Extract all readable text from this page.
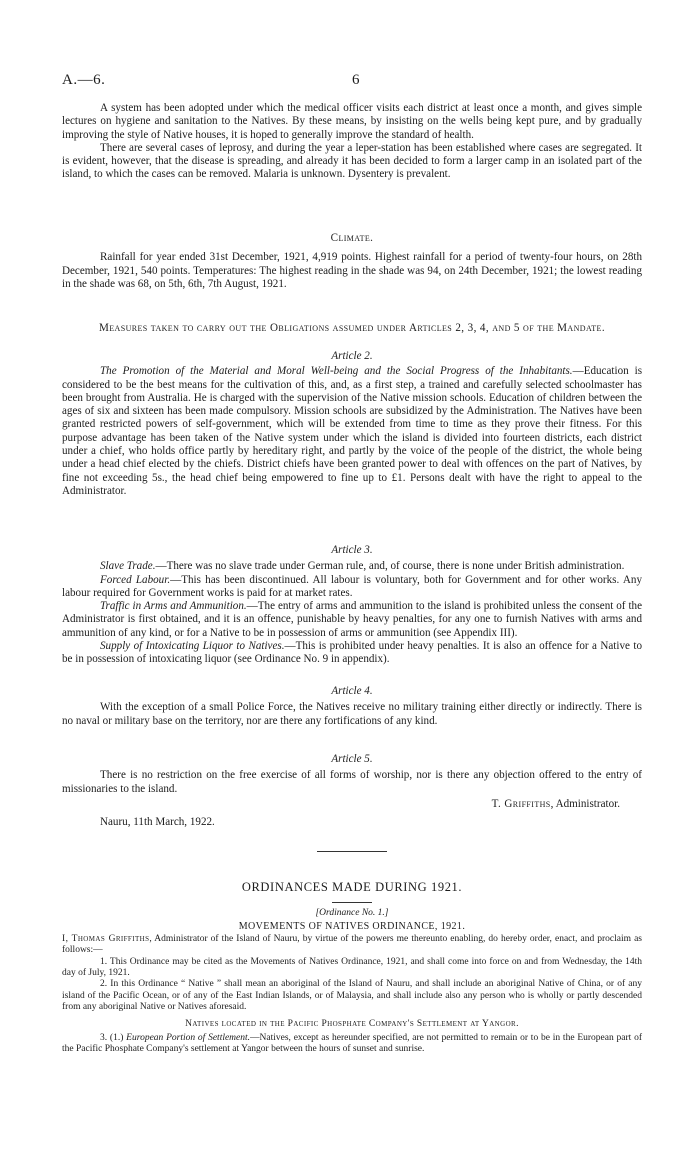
A.—6.	6

A system has been adopted under which the medical officer visits each district at least once a month, and gives simple lectures on hygiene and sanitation to the Natives. By these means, by insisting on the wells being kept pure, and by gradually improving the style of Native houses, it is hoped to generally improve the standard of health.

There are several cases of leprosy, and during the year a leper-station has been established where cases are segregated. It is evident, however, that the disease is spreading, and already it has been decided to form a larger camp in an isolated part of the island, to which the cases can be removed. Malaria is unknown. Dysentery is prevalent.

Climate.

Rainfall for year ended 31st December, 1921, 4,919 points. Highest rainfall for a period of twenty-four hours, on 28th December, 1921, 540 points. Temperatures: The highest reading in the shade was 94, on 24th December, 1921; the lowest reading in the shade was 68, on 5th, 6th, 7th August, 1921.

Measures taken to carry out the Obligations assumed under Articles 2, 3, 4, and 5 of the Mandate.

Article 2.

The Promotion of the Material and Moral Well-being and the Social Progress of the Inhabitants.—Education is considered to be the best means for the cultivation of this, and, as a first step, a trained and carefully selected schoolmaster has been brought from Australia. He is charged with the supervision of the Native mission schools. Education of children between the ages of six and sixteen has been made compulsory. Mission schools are subsidized by the Administration. The Natives have been granted restricted powers of self-government, which will be extended from time to time as they prove their fitness. For this purpose advantage has been taken of the Native system under which the island is divided into fourteen districts, each district under a chief, who holds office partly by hereditary right, and partly by the voice of the people of the district, the whole being under a head chief elected by the chiefs. District chiefs have been granted power to deal with offences on the part of Natives, by fine not exceeding 5s., the head chief being empowered to fine up to £1. Persons dealt with have the right to appeal to the Administrator.

Article 3.

Slave Trade.—There was no slave trade under German rule, and, of course, there is none under British administration.

Forced Labour.—This has been discontinued. All labour is voluntary, both for Government and for other works. Any labour required for Government works is paid for at market rates.

Traffic in Arms and Ammunition.—The entry of arms and ammunition to the island is prohibited unless the consent of the Administrator is first obtained, and it is an offence, punishable by heavy penalties, for any one to furnish Natives with arms and ammunition of any kind, or for a Native to be in possession of arms or ammunition (see Appendix III).

Supply of Intoxicating Liquor to Natives.—This is prohibited under heavy penalties. It is also an offence for a Native to be in possession of intoxicating liquor (see Ordinance No. 9 in appendix).

Article 4.

With the exception of a small Police Force, the Natives receive no military training either directly or indirectly. There is no naval or military base on the territory, nor are there any fortifications of any kind.

Article 5.

There is no restriction on the free exercise of all forms of worship, nor is there any objection offered to the entry of missionaries to the island.

T. Griffiths, Administrator.

Nauru, 11th March, 1922.

ORDINANCES MADE DURING 1921.

[Ordinance No. 1.]

MOVEMENTS OF NATIVES ORDINANCE, 1921.

I, Thomas Griffiths, Administrator of the Island of Nauru, by virtue of the powers me thereunto enabling, do hereby order, enact, and proclaim as follows:—

1. This Ordinance may be cited as the Movements of Natives Ordinance, 1921, and shall come into force on and from Wednesday, the 14th day of July, 1921.

2. In this Ordinance “ Native ” shall mean an aboriginal of the Island of Nauru, and shall include an aboriginal Native of China, or of any island of the Pacific Ocean, or of any of the East Indian Islands, or of Malaysia, and shall include also any person who is wholly or partly descended from any aboriginal Native or Natives aforesaid.

Natives located in the Pacific Phosphate Company's Settlement at Yangor.

3. (1.) European Portion of Settlement.—Natives, except as hereunder specified, are not permitted to remain or to be in the European part of the Pacific Phosphate Company's settlement at Yangor between the hours of sunset and sunrise.
